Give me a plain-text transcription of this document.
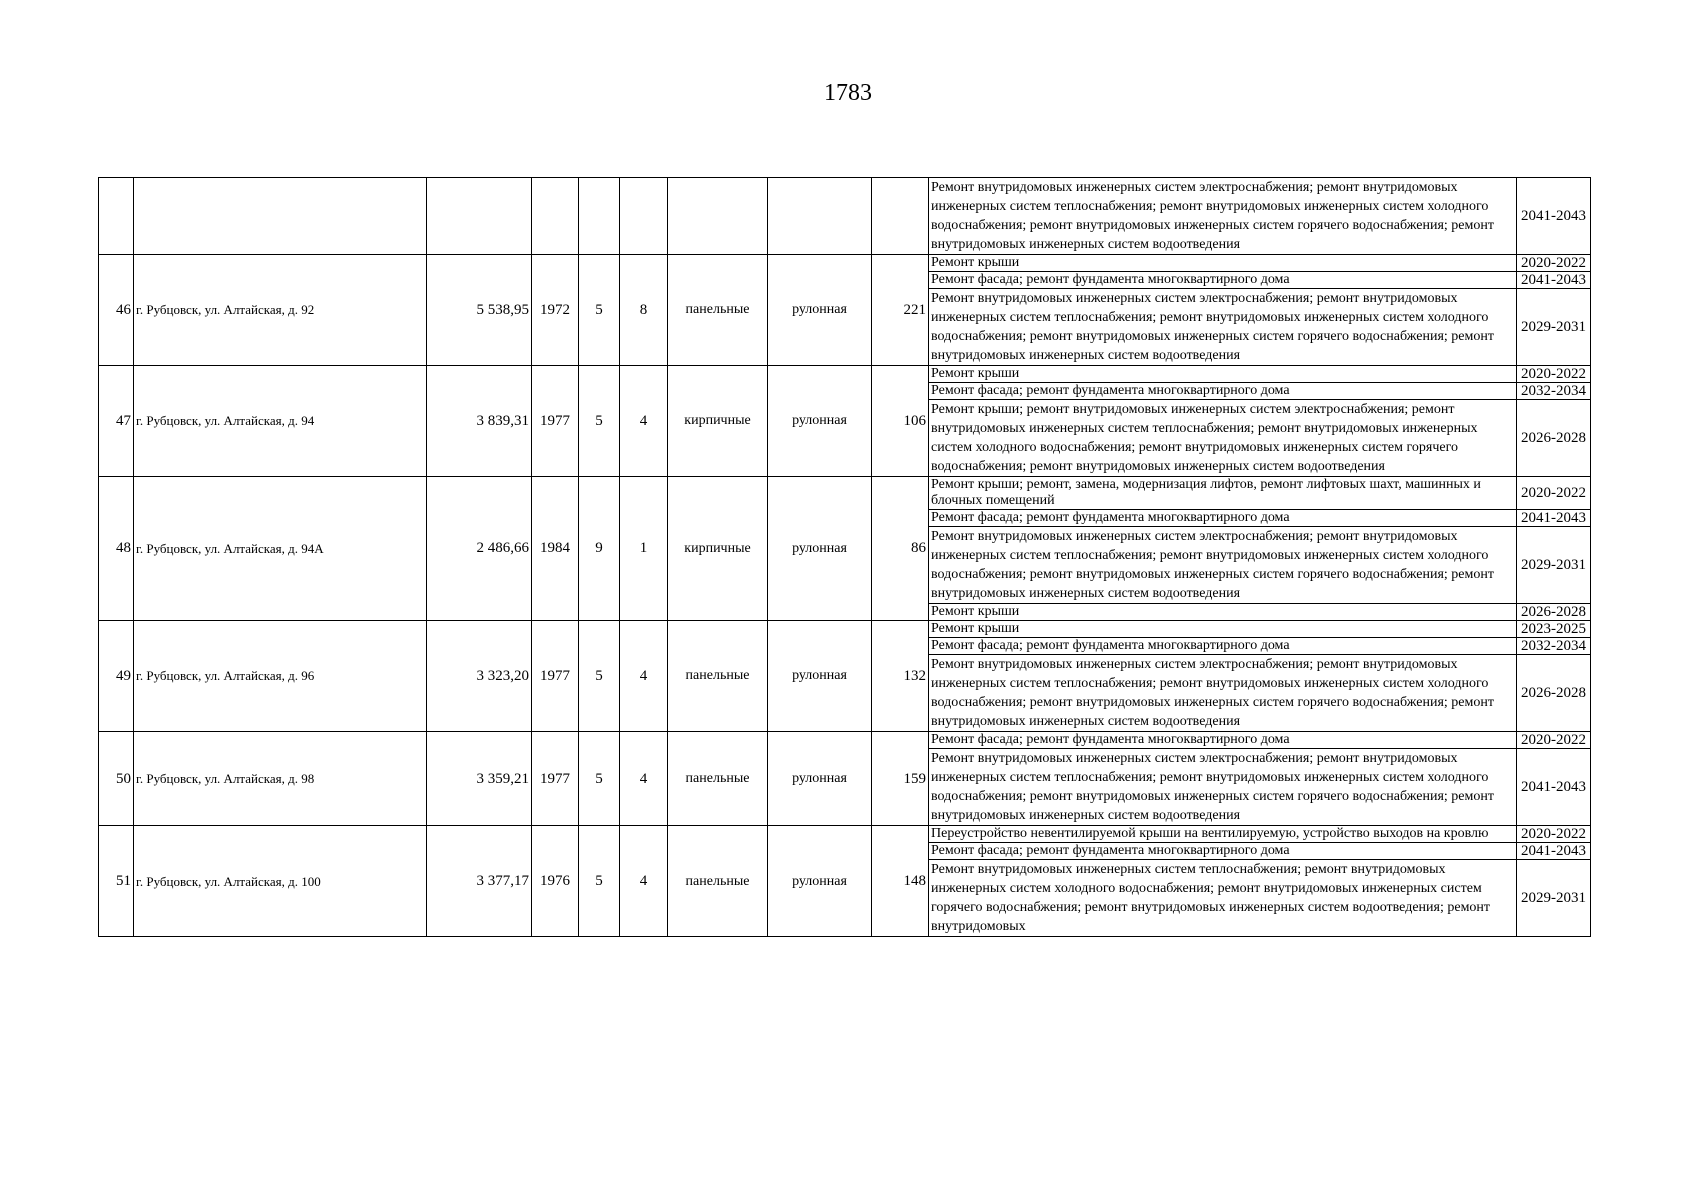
1783
									Ремонт внутридомовых инженерных систем электроснабжения; ремонт внутридомовых инженерных систем теплоснабжения; ремонт внутридомовых инженерных систем холодного водоснабжения; ремонт внутридомовых инженерных систем горячего водоснабжения; ремонт внутридомовых инженерных систем водоотведения	2041-2043
46	г. Рубцовск, ул. Алтайская, д. 92	5 538,95	1972	5	8	панельные	рулонная	221	Ремонт крыши	2020-2022
									Ремонт фасада; ремонт фундамента многоквартирного дома	2041-2043
									Ремонт внутридомовых инженерных систем электроснабжения; ремонт внутридомовых инженерных систем теплоснабжения; ремонт внутридомовых инженерных систем холодного водоснабжения; ремонт внутридомовых инженерных систем горячего водоснабжения; ремонт внутридомовых инженерных систем водоотведения	2029-2031
47	г. Рубцовск, ул. Алтайская, д. 94	3 839,31	1977	5	4	кирпичные	рулонная	106	Ремонт крыши	2020-2022
									Ремонт фасада; ремонт фундамента многоквартирного дома	2032-2034
									Ремонт крыши; ремонт внутридомовых инженерных систем электроснабжения; ремонт внутридомовых инженерных систем теплоснабжения; ремонт внутридомовых инженерных систем холодного водоснабжения; ремонт внутридомовых инженерных систем горячего водоснабжения; ремонт внутридомовых инженерных систем водоотведения	2026-2028
48	г. Рубцовск, ул. Алтайская, д. 94А	2 486,66	1984	9	1	кирпичные	рулонная	86	Ремонт крыши; ремонт, замена, модернизация лифтов, ремонт лифтовых шахт, машинных и блочных помещений	2020-2022
									Ремонт фасада; ремонт фундамента многоквартирного дома	2041-2043
									Ремонт внутридомовых инженерных систем электроснабжения; ремонт внутридомовых инженерных систем теплоснабжения; ремонт внутридомовых инженерных систем холодного водоснабжения; ремонт внутридомовых инженерных систем горячего водоснабжения; ремонт внутридомовых инженерных систем водоотведения	2029-2031
									Ремонт крыши	2026-2028
49	г. Рубцовск, ул. Алтайская, д. 96	3 323,20	1977	5	4	панельные	рулонная	132	Ремонт крыши	2023-2025
									Ремонт фасада; ремонт фундамента многоквартирного дома	2032-2034
									Ремонт внутридомовых инженерных систем электроснабжения; ремонт внутридомовых инженерных систем теплоснабжения; ремонт внутридомовых инженерных систем холодного водоснабжения; ремонт внутридомовых инженерных систем горячего водоснабжения; ремонт внутридомовых инженерных систем водоотведения	2026-2028
50	г. Рубцовск, ул. Алтайская, д. 98	3 359,21	1977	5	4	панельные	рулонная	159	Ремонт фасада; ремонт фундамента многоквартирного дома	2020-2022
									Ремонт внутридомовых инженерных систем электроснабжения; ремонт внутридомовых инженерных систем теплоснабжения; ремонт внутридомовых инженерных систем холодного водоснабжения; ремонт внутридомовых инженерных систем горячего водоснабжения; ремонт внутридомовых инженерных систем водоотведения	2041-2043
51	г. Рубцовск, ул. Алтайская, д. 100	3 377,17	1976	5	4	панельные	рулонная	148	Переустройство невентилируемой крыши на вентилируемую, устройство выходов на кровлю	2020-2022
									Ремонт фасада; ремонт фундамента многоквартирного дома	2041-2043
									Ремонт внутридомовых инженерных систем теплоснабжения; ремонт внутридомовых инженерных систем холодного водоснабжения; ремонт внутридомовых инженерных систем горячего водоснабжения; ремонт внутридомовых инженерных систем водоотведения; ремонт внутридомовых	2029-2031
